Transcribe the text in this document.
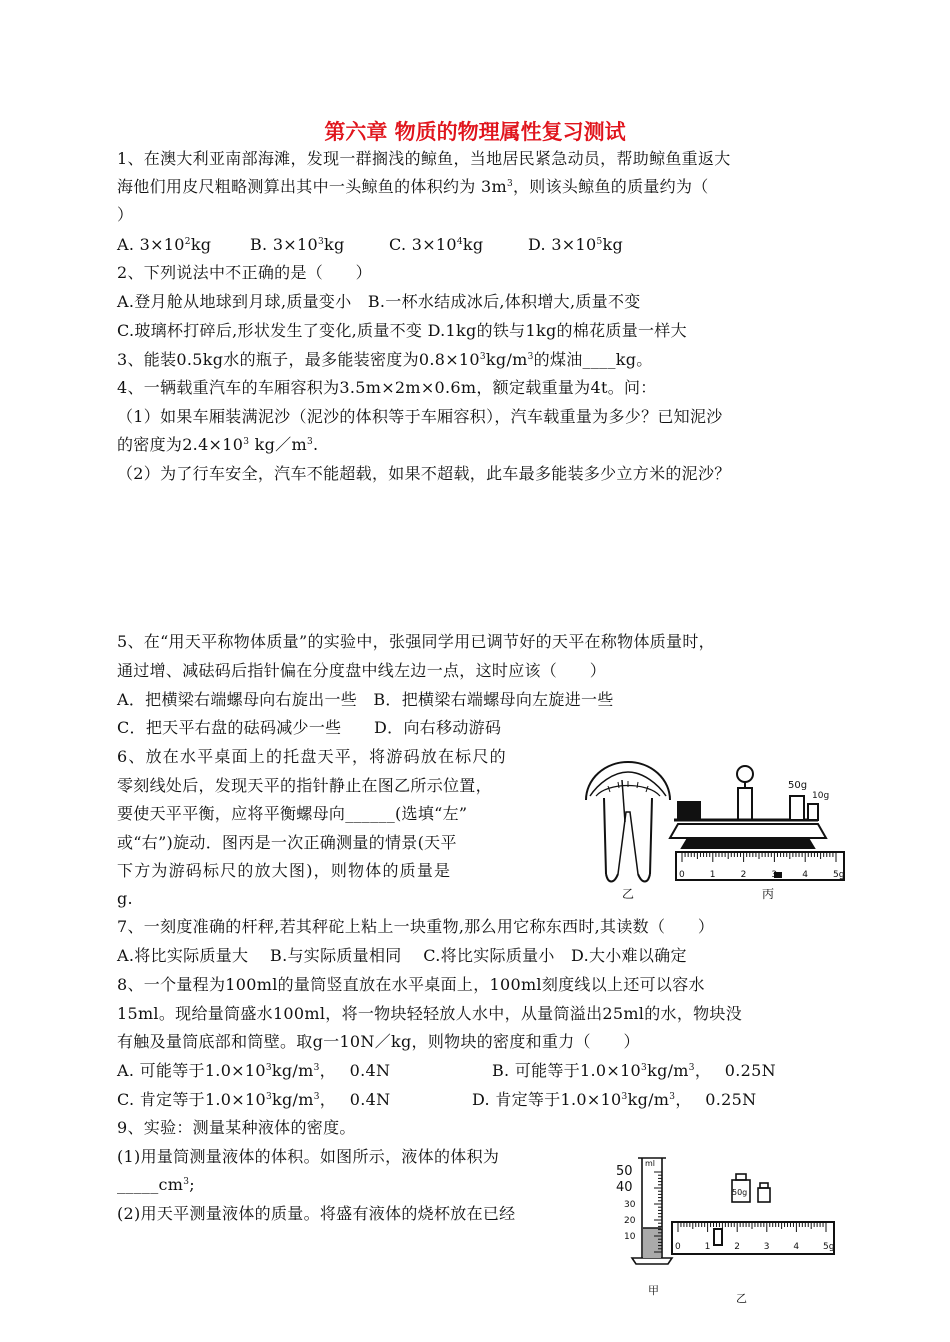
第六章 物质的物理属性复习测试
1、在澳大利亚南部海滩，发现一群搁浅的鲸鱼，当地居民紧急动员，帮助鲸鱼重返大
海他们用皮尺粗略测算出其中一头鲸鱼的体积约为 $3m^3$，则该头鲸鱼的质量约为（
）
A. $3\times 10^2kg$ B. $3\times 10^3kg$	C. $3\times 10^4kg$	D. $3\times 10^5kg$
2、下列说法中不正确的是（　　）
A.登月舱从地球到月球,质量变小　B.一杯水结成冰后,体积增大,质量不变
C.玻璃杯打碎后,形状发生了变化,质量不变 D.1kg的铁与1kg的棉花质量一样大
3、能装0.5kg水的瓶子，最多能装密度为$0.8\times 10^3kg/m^3$的煤油____kg。
4、一辆载重汽车的车厢容积为3.5m×2m×0.6m，额定载重量为4t。问：
（1）如果车厢装满泥沙（泥沙的体积等于车厢容积），汽车载重量为多少？已知泥沙
的密度为$2.4\times 10^3$ $kg/m^3$.
（2）为了行车安全，汽车不能超载，如果不超载，此车最多能装多少立方米的泥沙？
5、在“用天平称物体质量”的实验中，张强同学用已调节好的天平在称物体质量时，
通过增、减砝码后指针偏在分度盘中线左边一点，这时应该（　　）
A．把横梁右端螺母向右旋出一些　B．把横梁右端螺母向左旋进一些
C．把天平右盘的砝码减少一些　　D．向右移动游码
6、放在水平桌面上的托盘天平，将游码放在标尺的
零刻线处后，发现天平的指针静止在图乙所示位置，
要使天平平衡，应将平衡螺母向______(选填“左”
或“右”)旋动．图丙是一次正确测量的情景(天平
下方为游码标尺的放大图)，则物体的质量是
g.
50g
10g
0	1	2	3	4	5g
乙	丙
7、一刻度准确的杆秤,若其秤砣上粘上一块重物,那么用它称东西时,其读数（　　）
A.将比实际质量大　 B.与实际质量相同　 C.将比实际质量小　D.大小难以确定
8、一个量程为100ml的量筒竖直放在水平桌面上，100ml刻度线以上还可以容水
15ml。现给量筒盛水100ml，将一物块轻轻放人水中，从量筒溢出25ml的水，物块没
有触及量筒底部和筒壁。取g一10N／kg，则物块的密度和重力（　　）
A. 可能等于$1.0\times 10^3kg/m^3$，　 0.4N	B. 可能等于$1.0\times 10^3kg/m^3$，　 0.25N
C. 肯定等于$1.0\times 10^3kg/m^3$，　 0.4N	D. 肯定等于$1.0\times 10^3kg/m^3$，　 0.25N
9、实验：测量某种液体的密度。
(1)用量筒测量液体的体积。如图所示，液体的体积为
$\_\_\_\_\_cm^3$;
(2)用天平测量液体的质量。将盛有液体的烧杯放在已经
ml
50
40
30
20
10
50g
0	1	2	3	4	5g
甲
乙
